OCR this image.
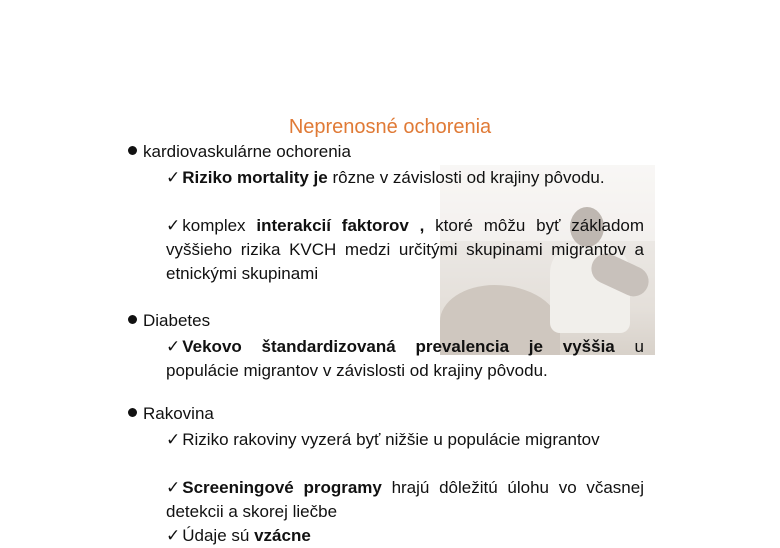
Neprenosné ochorenia
kardiovaskulárne ochorenia
✓ Riziko mortality je rôzne v závislosti od krajiny pôvodu.
✓ komplex interakcií faktorov , ktoré môžu byť základom vyššieho rizika KVCH medzi určitými skupinami migrantov a etnickými skupinami
Diabetes
✓ Vekovo štandardizovaná prevalencia je vyššia u populácie migrantov v závislosti od krajiny pôvodu.
Rakovina
✓ Riziko rakoviny vyzerá byť nižšie u populácie migrantov
✓ Screeningové programy hrajú dôležitú úlohu vo včasnej detekcii a skorej liečbe
✓ Údaje sú vzácne
